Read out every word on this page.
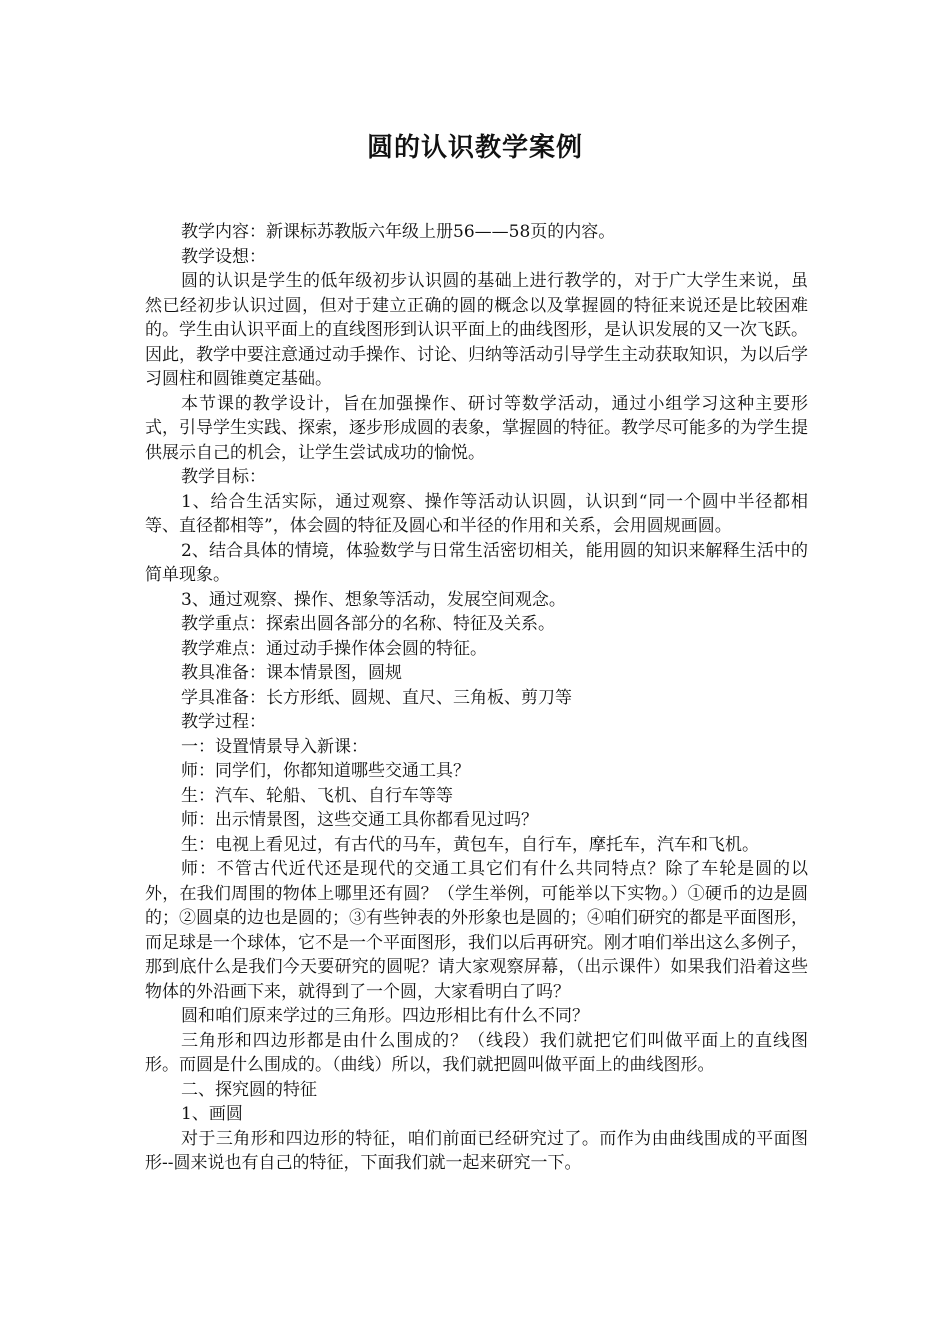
圆的认识教学案例

教学内容：新课标苏教版六年级上册56——58页的内容。

教学设想：

圆的认识是学生的低年级初步认识圆的基础上进行教学的，对于广大学生来说，虽然已经初步认识过圆，但对于建立正确的圆的概念以及掌握圆的特征来说还是比较困难的。学生由认识平面上的直线图形到认识平面上的曲线图形，是认识发展的又一次飞跃。因此，教学中要注意通过动手操作、讨论、归纳等活动引导学生主动获取知识，为以后学习圆柱和圆锥奠定基础。

本节课的教学设计，旨在加强操作、研讨等数学活动，通过小组学习这种主要形式，引导学生实践、探索，逐步形成圆的表象，掌握圆的特征。教学尽可能多的为学生提供展示自己的机会，让学生尝试成功的愉悦。

教学目标：

1、给合生活实际，通过观察、操作等活动认识圆，认识到“同一个圆中半径都相等、直径都相等”，体会圆的特征及圆心和半径的作用和关系，会用圆规画圆。

2、结合具体的情境，体验数学与日常生活密切相关，能用圆的知识来解释生活中的简单现象。

3、通过观察、操作、想象等活动，发展空间观念。

教学重点：探索出圆各部分的名称、特征及关系。

教学难点：通过动手操作体会圆的特征。

教具准备：课本情景图，圆规

学具准备：长方形纸、圆规、直尺、三角板、剪刀等

教学过程：

一：设置情景导入新课：

师：同学们，你都知道哪些交通工具？

生：汽车、轮船、飞机、自行车等等

师：出示情景图，这些交通工具你都看见过吗？

生：电视上看见过，有古代的马车，黄包车，自行车，摩托车，汽车和飞机。

师：不管古代近代还是现代的交通工具它们有什么共同特点？除了车轮是圆的以外，在我们周围的物体上哪里还有圆？（学生举例，可能举以下实物。）①硬币的边是圆的；②圆桌的边也是圆的；③有些钟表的外形象也是圆的；④咱们研究的都是平面图形，而足球是一个球体，它不是一个平面图形，我们以后再研究。刚才咱们举出这么多例子，那到底什么是我们今天要研究的圆呢？请大家观察屏幕，（出示课件）如果我们沿着这些物体的外沿画下来，就得到了一个圆，大家看明白了吗？

圆和咱们原来学过的三角形。四边形相比有什么不同？

三角形和四边形都是由什么围成的？（线段）我们就把它们叫做平面上的直线图形。而圆是什么围成的。（曲线）所以，我们就把圆叫做平面上的曲线图形。

二、探究圆的特征

1、画圆

对于三角形和四边形的特征，咱们前面已经研究过了。而作为由曲线围成的平面图形--圆来说也有自己的特征，下面我们就一起来研究一下。
